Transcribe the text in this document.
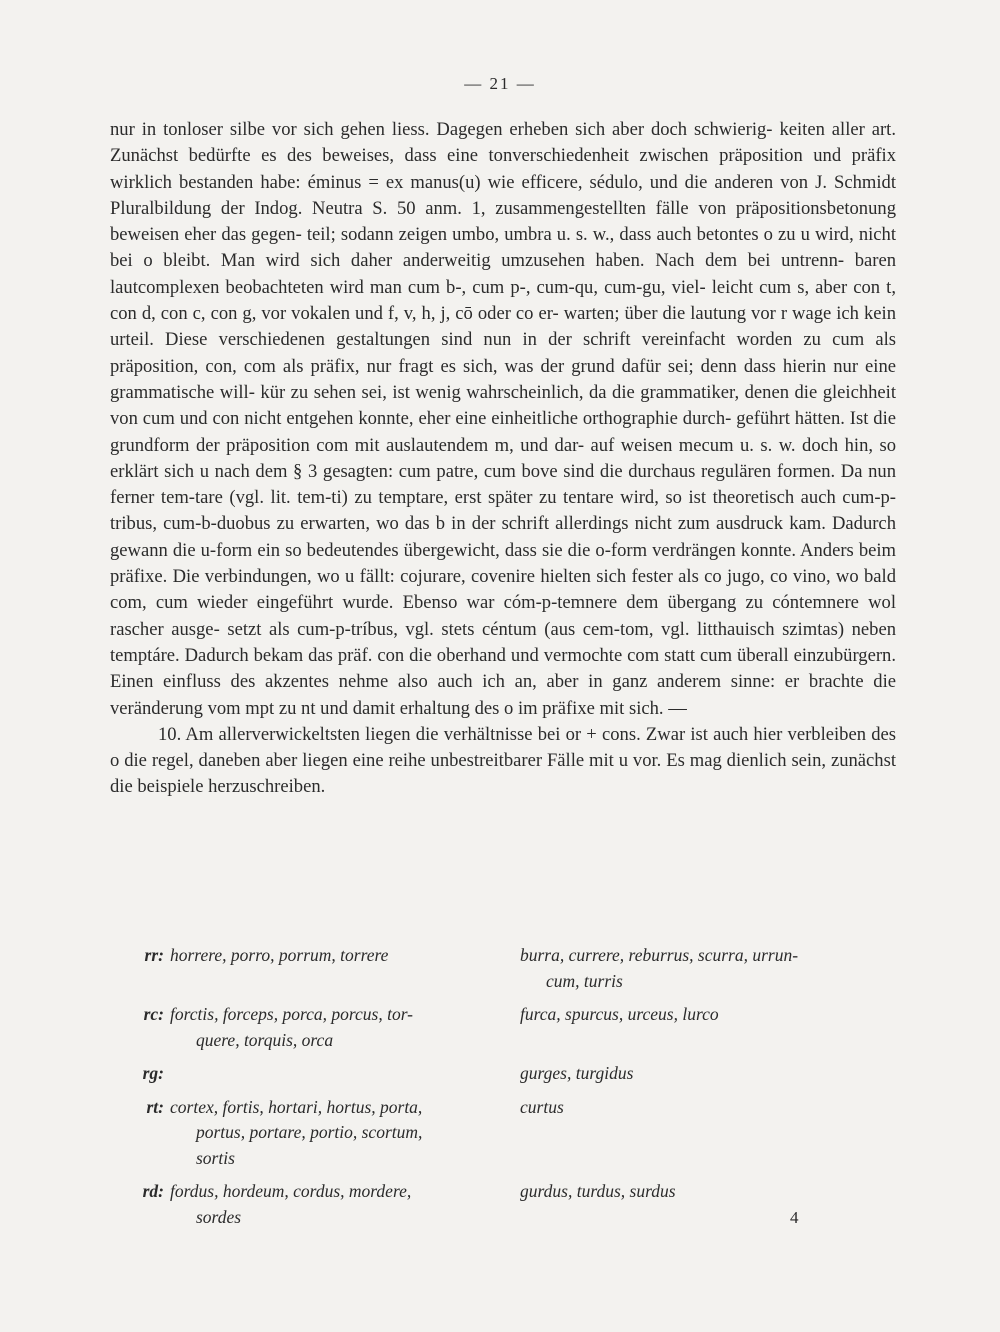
— 21 —

nur in tonloser silbe vor sich gehen liess. Dagegen erheben sich aber doch schwierig- keiten aller art. Zunächst bedürfte es des beweises, dass eine tonverschiedenheit zwischen präposition und präfix wirklich bestanden habe: éminus = ex manus(u) wie efficere, sédulo, und die anderen von J. Schmidt Pluralbildung der Indog. Neutra S. 50 anm. 1, zusammengestellten fälle von präpositionsbetonung beweisen eher das gegen- teil; sodann zeigen umbo, umbra u. s. w., dass auch betontes o zu u wird, nicht bei o bleibt. Man wird sich daher anderweitig umzusehen haben. Nach dem bei untrenn- baren lautcomplexen beobachteten wird man cum b-, cum p-, cum-qu, cum-gu, viel- leicht cum s, aber con t, con d, con c, con g, vor vokalen und f, v, h, j, cō oder co er- warten; über die lautung vor r wage ich kein urteil. Diese verschiedenen gestaltungen sind nun in der schrift vereinfacht worden zu cum als präposition, con, com als präfix, nur fragt es sich, was der grund dafür sei; denn dass hierin nur eine grammatische will- kür zu sehen sei, ist wenig wahrscheinlich, da die grammatiker, denen die gleichheit von cum und con nicht entgehen konnte, eher eine einheitliche orthographie durch- geführt hätten. Ist die grundform der präposition com mit auslautendem m, und dar- auf weisen mecum u. s. w. doch hin, so erklärt sich u nach dem § 3 gesagten: cum patre, cum bove sind die durchaus regulären formen. Da nun ferner tem-tare (vgl. lit. tem-ti) zu temptare, erst später zu tentare wird, so ist theoretisch auch cum-p-tribus, cum-b-duobus zu erwarten, wo das b in der schrift allerdings nicht zum ausdruck kam. Dadurch gewann die u-form ein so bedeutendes übergewicht, dass sie die o-form verdrängen konnte. Anders beim präfixe. Die verbindungen, wo u fällt: cojurare, covenire hielten sich fester als co jugo, co vino, wo bald com, cum wieder eingeführt wurde. Ebenso war cóm-p-temnere dem übergang zu cóntemnere wol rascher ausge- setzt als cum-p-tríbus, vgl. stets céntum (aus cem-tom, vgl. litthauisch szimtas) neben temptáre. Dadurch bekam das präf. con die oberhand und vermochte com statt cum überall einzubürgern. Einen einfluss des akzentes nehme also auch ich an, aber in ganz anderem sinne: er brachte die veränderung vom mpt zu nt und damit erhaltung des o im präfixe mit sich. —

10. Am allerverwickeltsten liegen die verhältnisse bei or + cons. Zwar ist auch hier verbleiben des o die regel, daneben aber liegen eine reihe unbestreitbarer Fälle mit u vor. Es mag dienlich sein, zunächst die beispiele herzuschreiben.

rr: horrere, porro, porrum, torrere	burra, currere, reburrus, scurra, urrun-
cum, turris
rc: forctis, forceps, porca, porcus, tor-
quere, torquis, orca
furca, spurcus, urceus, lurco
rg:	gurges, turgidus
rt: cortex, fortis, hortari, hortus, porta,
portus, portare, portio, scortum,
sortis
curtus
rd: fordus, hordeum, cordus, mordere,
sordes
gurdus, turdus, surdus
4
